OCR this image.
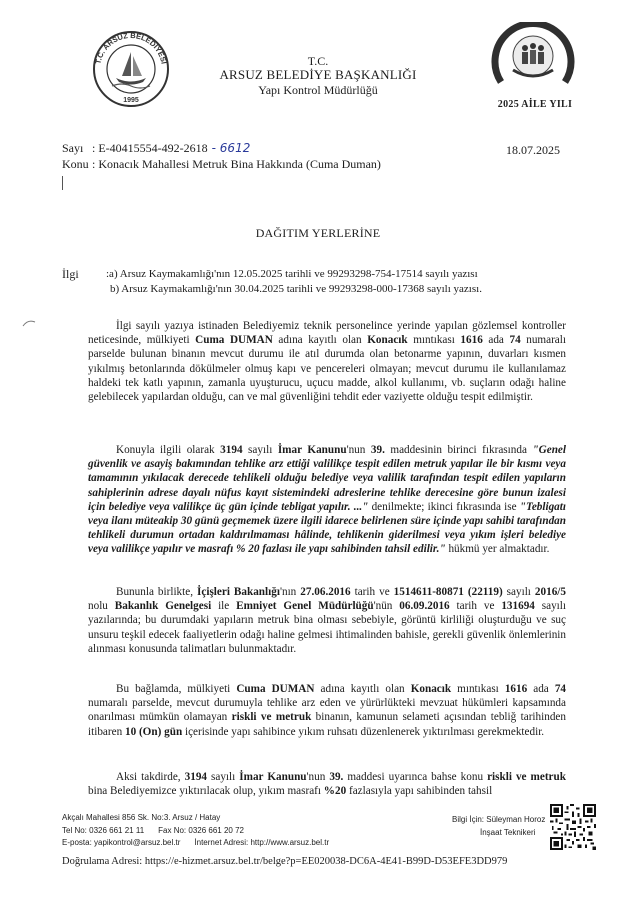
T.C. ARSUZ BELEDİYESİ
1995
T.C.
ARSUZ BELEDİYE BAŞKANLIĞI
Yapı Kontrol Müdürlüğü
2025 AİLE YILI
Sayı : E-40415554-492-2618 - 6612
Konu : Konacık Mahallesi Metruk Bina Hakkında (Cuma Duman)
18.07.2025
DAĞITIM YERLERİNE
İlgi :a) Arsuz Kaymakamlığı'nın 12.05.2025 tarihli ve 99293298-754-17514 sayılı yazısı
b) Arsuz Kaymakamlığı'nın 30.04.2025 tarihli ve 99293298-000-17368 sayılı yazısı.

İlgi sayılı yazıya istinaden Belediyemiz teknik personelince yerinde yapılan gözlemsel kontroller neticesinde, mülkiyeti Cuma DUMAN adına kayıtlı olan Konacık mıntıkası 1616 ada 74 numaralı parselde bulunan binanın mevcut durumu ile atıl durumda olan betonarme yapının, duvarları kısmen yıkılmış betonlarında dökülmeler olmuş kapı ve pencereleri olmayan; mevcut durumu ile kullanılamaz haldeki tek katlı yapının, zamanla uyuşturucu, uçucu madde, alkol kullanımı, vb. suçların odağı haline gelebilecek yapılardan olduğu, can ve mal güvenliğini tehdit eder vaziyette olduğu tespit edilmiştir.

Konuyla ilgili olarak 3194 sayılı İmar Kanunu'nun 39. maddesinin birinci fıkrasında "Genel güvenlik ve asayiş bakımından tehlike arz ettiği valilikçe tespit edilen metruk yapılar ile bir kısmı veya tamamının yıkılacak derecede tehlikeli olduğu belediye veya valilik tarafından tespit edilen yapıların sahiplerinin adrese dayalı nüfus kayıt sistemindeki adreslerine tehlike derecesine göre bunun izalesi için belediye veya valilikçe üç gün içinde tebligat yapılır. ..." denilmekte; ikinci fıkrasında ise "Tebligatı veya ilanı müteakip 30 günü geçmemek üzere ilgili idarece belirlenen süre içinde yapı sahibi tarafından tehlikeli durumun ortadan kaldırılmaması hâlinde, tehlikenin giderilmesi veya yıkım işleri belediye veya valilikçe yapılır ve masrafı % 20 fazlası ile yapı sahibinden tahsil edilir." hükmü yer almaktadır.

Bununla birlikte, İçişleri Bakanlığı'nın 27.06.2016 tarih ve 1514611-80871 (22119) sayılı 2016/5 nolu Bakanlık Genelgesi ile Emniyet Genel Müdürlüğü'nün 06.09.2016 tarih ve 131694 sayılı yazılarında; bu durumdaki yapıların metruk bina olması sebebiyle, görüntü kirliliği oluşturduğu ve suç unsuru teşkil edecek faaliyetlerin odağı haline gelmesi ihtimalinden bahisle, gerekli güvenlik önlemlerinin alınması konusunda talimatları bulunmaktadır.

Bu bağlamda, mülkiyeti Cuma DUMAN adına kayıtlı olan Konacık mıntıkası 1616 ada 74 numaralı parselde, mevcut durumuyla tehlike arz eden ve yürürlükteki mevzuat hükümleri kapsamında onarılması mümkün olamayan riskli ve metruk binanın, kamunun selameti açısından tebliğ tarihinden itibaren 10 (On) gün içerisinde yapı sahibince yıkım ruhsatı düzenlenerek yıktırılması gerekmektedir.

Aksi takdirde, 3194 sayılı İmar Kanunu'nun 39. maddesi uyarınca bahse konu riskli ve metruk bina Belediyemizce yıktırılacak olup, yıkım masrafı %20 fazlasıyla yapı sahibinden tahsil

Akçalı Mahallesi 856 Sk. No:3. Arsuz / Hatay
Tel No: 0326 661 21 11 Fax No: 0326 661 20 72
E-posta: yapikontrol@arsuz.bel.tr İnternet Adresi: http://www.arsuz.bel.tr
Bilgi İçin: Süleyman Horoz
İnşaat Teknikeri
Doğrulama Adresi: https://e-hizmet.arsuz.bel.tr/belge?p=EE020038-DC6A-4E41-B99D-D53EFE3DD979
